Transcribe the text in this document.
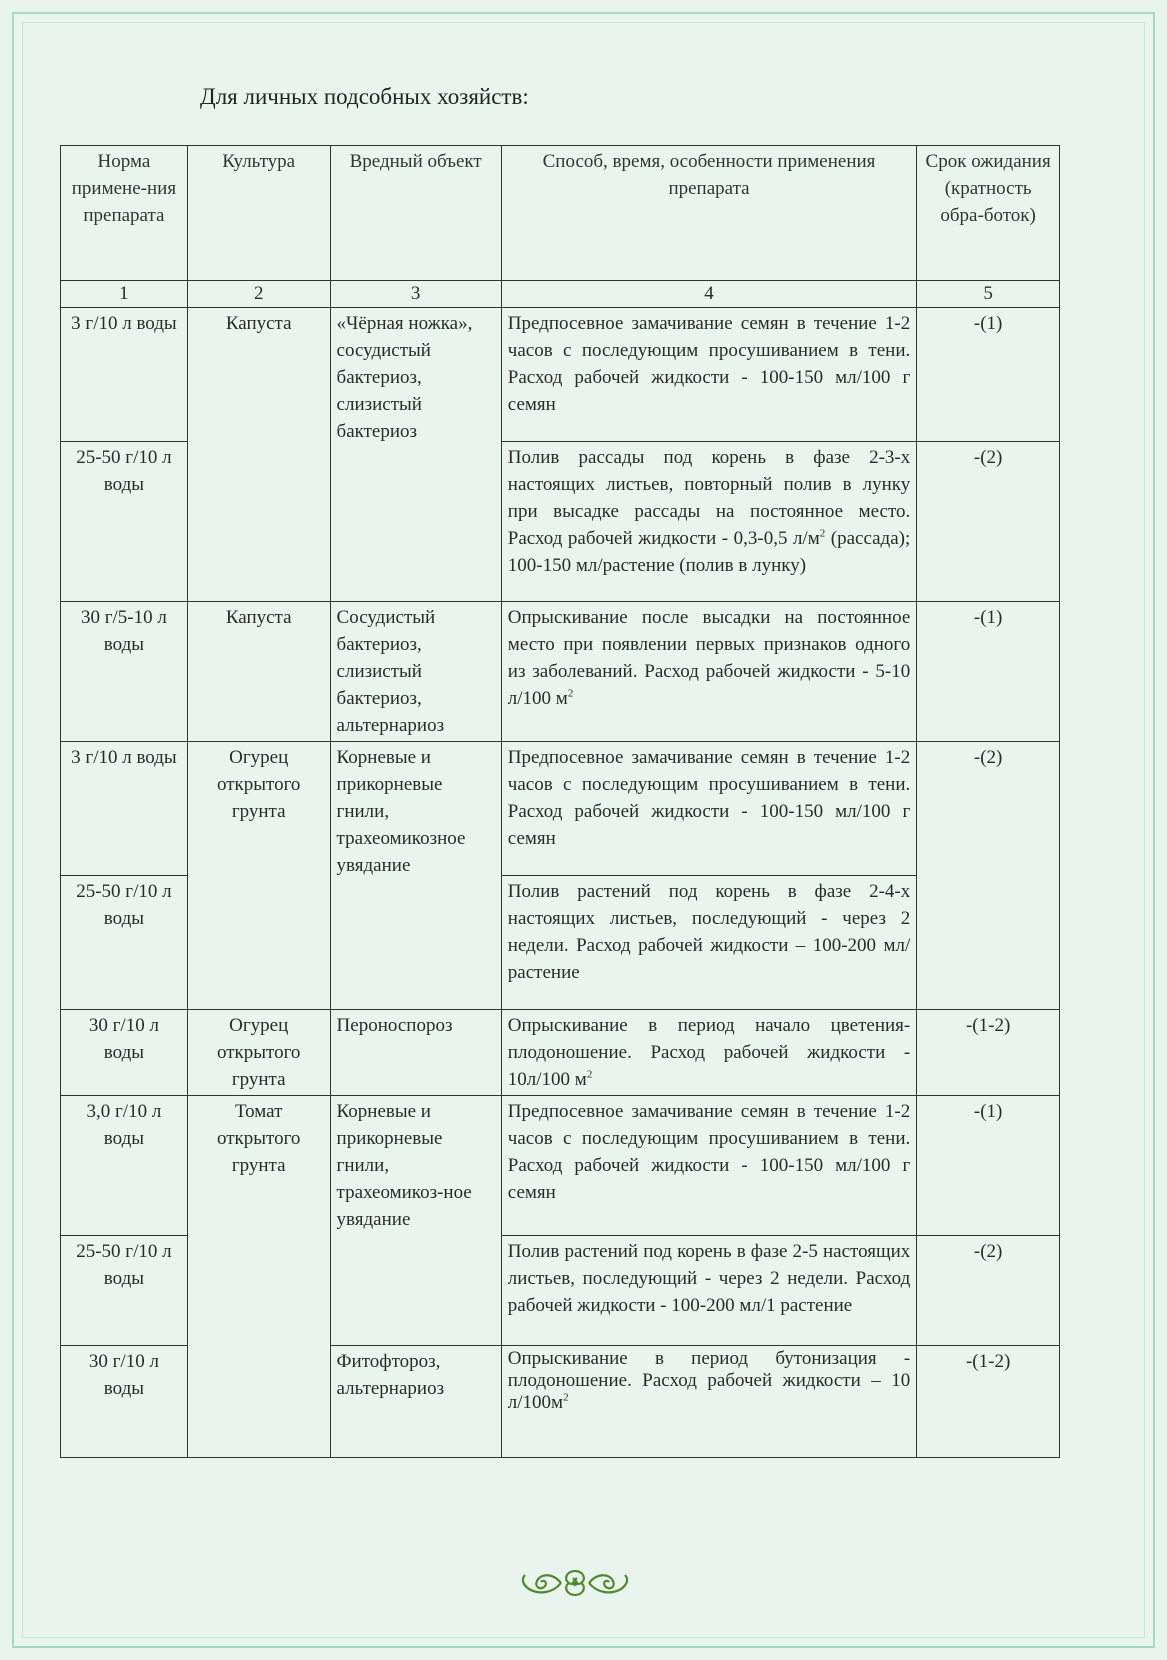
Для личных подсобных хозяйств:
Норма примене-ния препарата	Культура	Вредный объект	Способ, время, особенности применения препарата	Срок ожидания (кратность обра-боток)
1	2	3	4	5
3 г/10 л воды	Капуста	«Чёрная ножка», сосудистый бактериоз, слизистый бактериоз	Предпосевное замачивание семян в течение 1-2 часов с последующим просушиванием в тени. Расход рабочей жидкости - 100-150 мл/100 г семян	-(1)
25-50 г/10 л воды			Полив рассады под корень в фазе 2-3-х настоящих листьев, повторный полив в лунку при высадке рассады на постоянное место. Расход рабочей жидкости - 0,3-0,5 $л/м^2$ (рассада); 100-150 мл/растение (полив в лунку)	-(2)
30 г/5-10 л воды	Капуста	Сосудистый бактериоз, слизистый бактериоз, альтернариоз	Опрыскивание после высадки на постоянное место при появлении первых признаков одного из заболеваний. Расход рабочей жидкости - 5-10 л/100 $м^2$	-(1)
3 г/10 л воды	Огурец открытого грунта	Корневые и прикорневые гнили, трахеомикозное увядание	Предпосевное замачивание семян в течение 1-2 часов с последующим просушиванием в тени. Расход рабочей жидкости - 100-150 мл/100 г семян	-(2)
25-50 г/10 л воды			Полив растений под корень в фазе 2-4-х настоящих листьев, последующий - через 2 недели. Расход рабочей жидкости – 100-200 мл/растение	
30 г/10 л воды	Огурец открытого грунта	Пероноспороз	Опрыскивание в период начало цветения-плодоношение. Расход рабочей жидкости - 10л/100 $м^2$	-(1-2)
3,0 г/10 л воды	Томат открытого грунта	Корневые и прикорневые гнили, трахеомикоз-ное увядание	Предпосевное замачивание семян в течение 1-2 часов с последующим просушиванием в тени. Расход рабочей жидкости - 100-150 мл/100 г семян	-(1)
25-50 г/10 л воды			Полив растений под корень в фазе 2-5 настоящих листьев, последующий - через 2 недели. Расход рабочей жидкости - 100-200 мл/1 растение	-(2)
30 г/10 л воды		Фитофтороз, альтернариоз	Опрыскивание в период бутонизация - плодоношение. Расход рабочей жидкости – 10 $л/100м^2$	-(1-2)
